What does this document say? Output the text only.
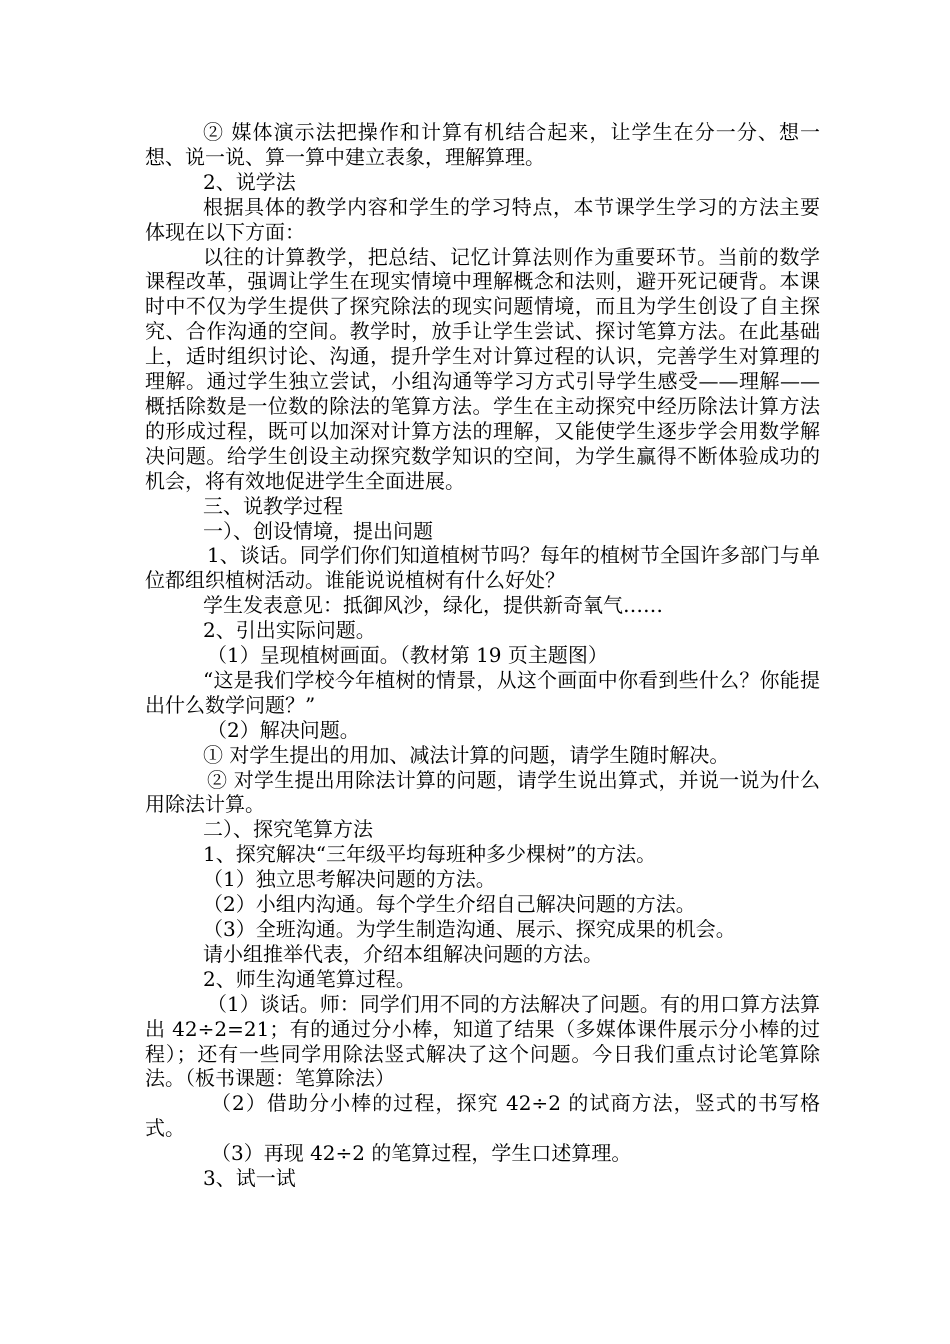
② 媒体演示法把操作和计算有机结合起来，让学生在分一分、想一想、说一说、算一算中建立表象，理解算理。

2、说学法

根据具体的教学内容和学生的学习特点，本节课学生学习的方法主要体现在以下方面：

以往的计算教学，把总结、记忆计算法则作为重要环节。当前的数学课程改革，强调让学生在现实情境中理解概念和法则，避开死记硬背。本课时中不仅为学生提供了探究除法的现实问题情境，而且为学生创设了自主探究、合作沟通的空间。教学时，放手让学生尝试、探讨笔算方法。在此基础上，适时组织讨论、沟通，提升学生对计算过程的认识，完善学生对算理的理解。通过学生独立尝试，小组沟通等学习方式引导学生感受——理解——概括除数是一位数的除法的笔算方法。学生在主动探究中经历除法计算方法的形成过程，既可以加深对计算方法的理解，又能使学生逐步学会用数学解决问题。给学生创设主动探究数学知识的空间，为学生赢得不断体验成功的机会，将有效地促进学生全面进展。

三、说教学过程

一）、创设情境，提出问题

1、谈话。同学们你们知道植树节吗？每年的植树节全国许多部门与单位都组织植树活动。谁能说说植树有什么好处？

学生发表意见：抵御风沙，绿化，提供新奇氧气……

2、引出实际问题。

（1）呈现植树画面。（教材第 19 页主题图）

“这是我们学校今年植树的情景，从这个画面中你看到些什么？你能提出什么数学问题？”

（2）解决问题。

① 对学生提出的用加、减法计算的问题，请学生随时解决。

② 对学生提出用除法计算的问题，请学生说出算式，并说一说为什么用除法计算。

二）、探究笔算方法

1、探究解决“三年级平均每班种多少棵树”的方法。

（1）独立思考解决问题的方法。

（2）小组内沟通。每个学生介绍自己解决问题的方法。

（3）全班沟通。为学生制造沟通、展示、探究成果的机会。

请小组推举代表，介绍本组解决问题的方法。

2、师生沟通笔算过程。

（1）谈话。师：同学们用不同的方法解决了问题。有的用口算方法算出 42÷2=21；有的通过分小棒，知道了结果（多媒体课件展示分小棒的过程）；还有一些同学用除法竖式解决了这个问题。今日我们重点讨论笔算除法。（板书课题：笔算除法）

（2）借助分小棒的过程，探究 42÷2 的试商方法，竖式的书写格式。

（3）再现 42÷2 的笔算过程，学生口述算理。

3、试一试
